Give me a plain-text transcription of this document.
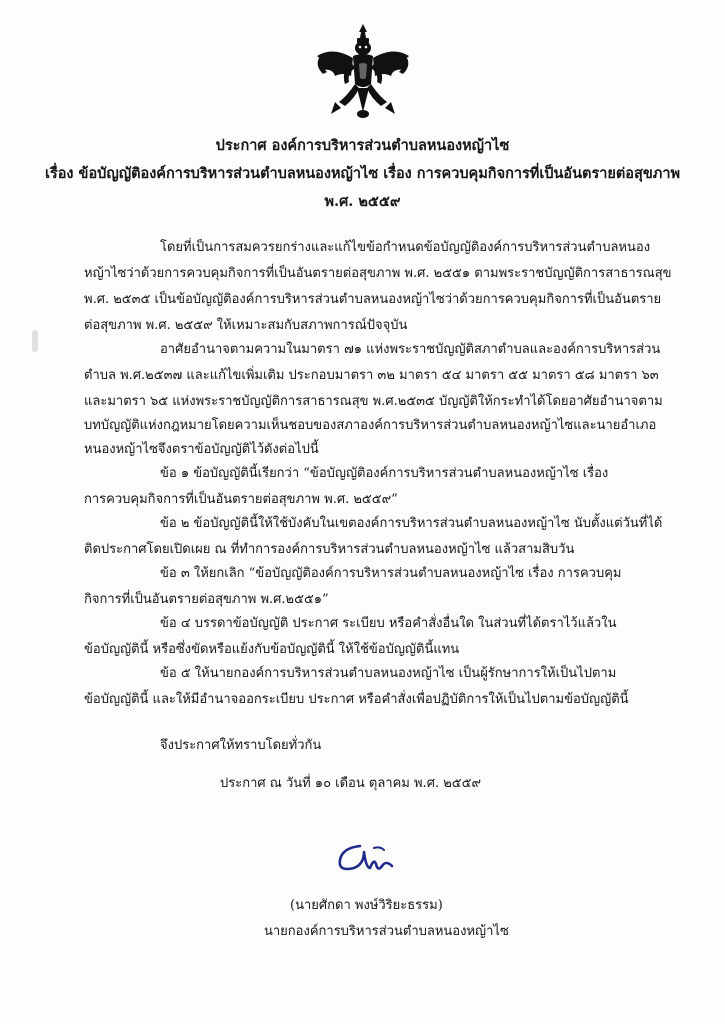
ประกาศ องค์การบริหารส่วนตำบลหนองหญ้าไซ
เรื่อง ข้อบัญญัติองค์การบริหารส่วนตำบลหนองหญ้าไซ เรื่อง การควบคุมกิจการที่เป็นอันตรายต่อสุขภาพ
พ.ศ. ๒๕๕๙
โดยที่เป็นการสมควรยกร่างและแก้ไขข้อกำหนดข้อบัญญัติองค์การบริหารส่วนตำบลหนอง
หญ้าไซว่าด้วยการควบคุมกิจการที่เป็นอันตรายต่อสุขภาพ พ.ศ. ๒๕๕๑ ตามพระราชบัญญัติการสาธารณสุข
พ.ศ. ๒๕๓๕ เป็นข้อบัญญัติองค์การบริหารส่วนตำบลหนองหญ้าไซว่าด้วยการควบคุมกิจการที่เป็นอันตราย
ต่อสุขภาพ พ.ศ. ๒๕๕๙ ให้เหมาะสมกับสภาพการณ์ปัจจุบัน
อาศัยอำนาจตามความในมาตรา ๗๑ แห่งพระราชบัญญัติสภาตำบลและองค์การบริหารส่วน
ตำบล พ.ศ.๒๕๓๗ และแก้ไขเพิ่มเติม ประกอบมาตรา ๓๒ มาตรา ๕๔ มาตรา ๕๕ มาตรา ๕๘ มาตรา ๖๓
และมาตรา ๖๕ แห่งพระราชบัญญัติการสาธารณสุข พ.ศ.๒๕๓๕ บัญญัติให้กระทำได้โดยอาศัยอำนาจตาม
บทบัญญัติแห่งกฎหมายโดยความเห็นชอบของสภาองค์การบริหารส่วนตำบลหนองหญ้าไซและนายอำเภอ
หนองหญ้าไซจึงตราข้อบัญญัติไว้ดังต่อไปนี้
ข้อ ๑ ข้อบัญญัตินี้เรียกว่า “ข้อบัญญัติองค์การบริหารส่วนตำบลหนองหญ้าไซ เรื่อง
การควบคุมกิจการที่เป็นอันตรายต่อสุขภาพ พ.ศ. ๒๕๕๙”
ข้อ ๒ ข้อบัญญัตินี้ให้ใช้บังคับในเขตองค์การบริหารส่วนตำบลหนองหญ้าไซ นับตั้งแต่วันที่ได้
ติดประกาศโดยเปิดเผย ณ ที่ทำการองค์การบริหารส่วนตำบลหนองหญ้าไซ แล้วสามสิบวัน
ข้อ ๓ ให้ยกเลิก “ข้อบัญญัติองค์การบริหารส่วนตำบลหนองหญ้าไซ เรื่อง การควบคุม
กิจการที่เป็นอันตรายต่อสุขภาพ พ.ศ.๒๕๕๑”
ข้อ ๔ บรรดาข้อบัญญัติ ประกาศ ระเบียบ หรือคำสั่งอื่นใด ในส่วนที่ได้ตราไว้แล้วใน
ข้อบัญญัตินี้ หรือซึ่งขัดหรือแย้งกับข้อบัญญัตินี้ ให้ใช้ข้อบัญญัตินี้แทน
ข้อ ๕ ให้นายกองค์การบริหารส่วนตำบลหนองหญ้าไซ เป็นผู้รักษาการให้เป็นไปตาม
ข้อบัญญัตินี้ และให้มีอำนาจออกระเบียบ ประกาศ หรือคำสั่งเพื่อปฏิบัติการให้เป็นไปตามข้อบัญญัตินี้
จึงประกาศให้ทราบโดยทั่วกัน
ประกาศ ณ วันที่ ๑๐ เดือน ตุลาคม พ.ศ. ๒๕๕๙
(นายศักดา พงษ์วิริยะธรรม)
นายกองค์การบริหารส่วนตำบลหนองหญ้าไซ
